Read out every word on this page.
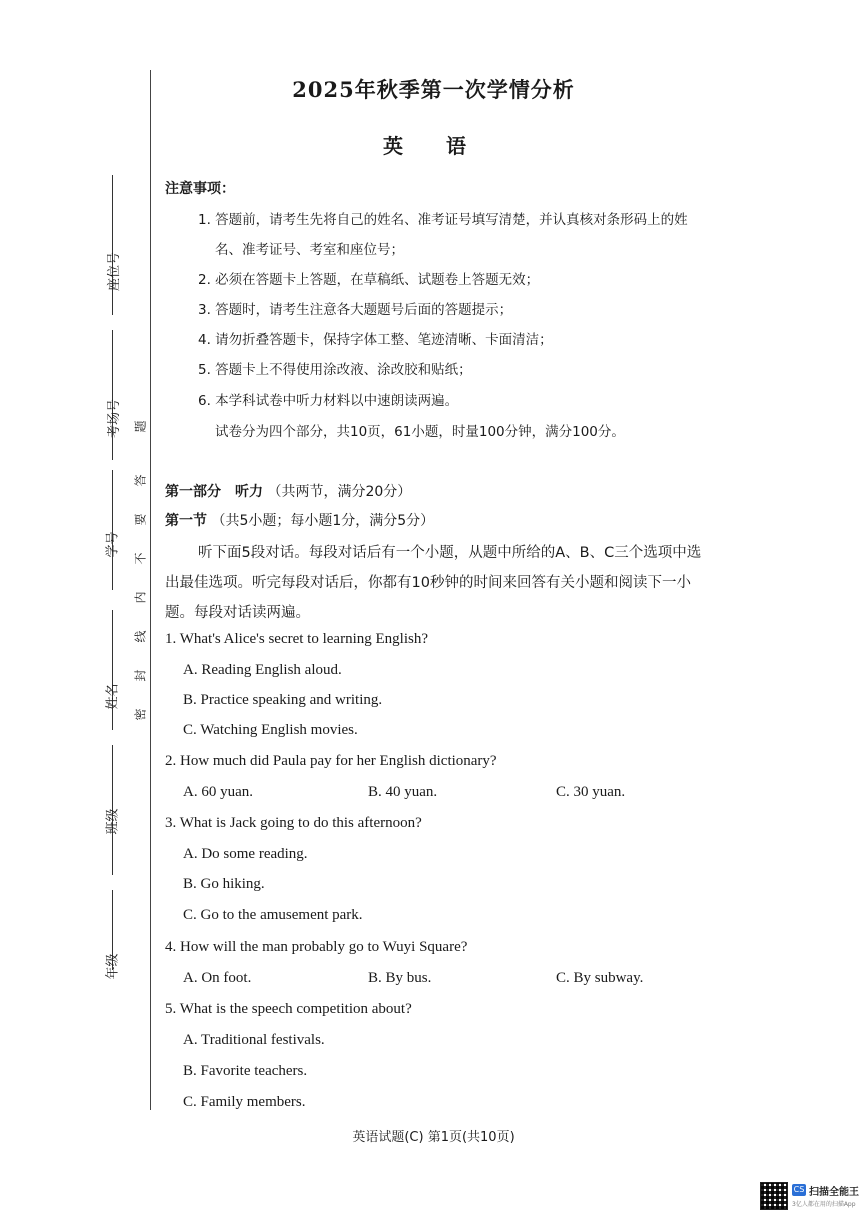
座位号
考场号
学号
姓名
班级
年级
密
封
线
内
不
要
答
题
2025年秋季第一次学情分析
英 语
注意事项：
1. 答题前，请考生先将自己的姓名、准考证号填写清楚，并认真核对条形码上的姓
名、准考证号、考室和座位号；
2. 必须在答题卡上答题，在草稿纸、试题卷上答题无效；
3. 答题时，请考生注意各大题题号后面的答题提示；
4. 请勿折叠答题卡，保持字体工整、笔迹清晰、卡面清洁；
5. 答题卡上不得使用涂改液、涂改胶和贴纸；
6. 本学科试卷中听力材料以中速朗读两遍。
试卷分为四个部分，共10页，61小题，时量100分钟，满分100分。
第一部分　听力 （共两节，满分20分）
第一节 （共5小题；每小题1分，满分5分）
听下面5段对话。每段对话后有一个小题，从题中所给的A、B、C三个选项中选
出最佳选项。听完每段对话后，你都有10秒钟的时间来回答有关小题和阅读下一小
题。每段对话读两遍。
1. What's Alice's secret to learning English?
A. Reading English aloud.
B. Practice speaking and writing.
C. Watching English movies.
2. How much did Paula pay for her English dictionary?
A. 60 yuan.	B. 40 yuan.	C. 30 yuan.
3. What is Jack going to do this afternoon?
A. Do some reading.
B. Go hiking.
C. Go to the amusement park.
4. How will the man probably go to Wuyi Square?
A. On foot.	B. By bus.	C. By subway.
5. What is the speech competition about?
A. Traditional festivals.
B. Favorite teachers.
C. Family members.
英语试题(C) 第1页(共10页)
CS 扫描全能王
3亿人都在用的扫描App
